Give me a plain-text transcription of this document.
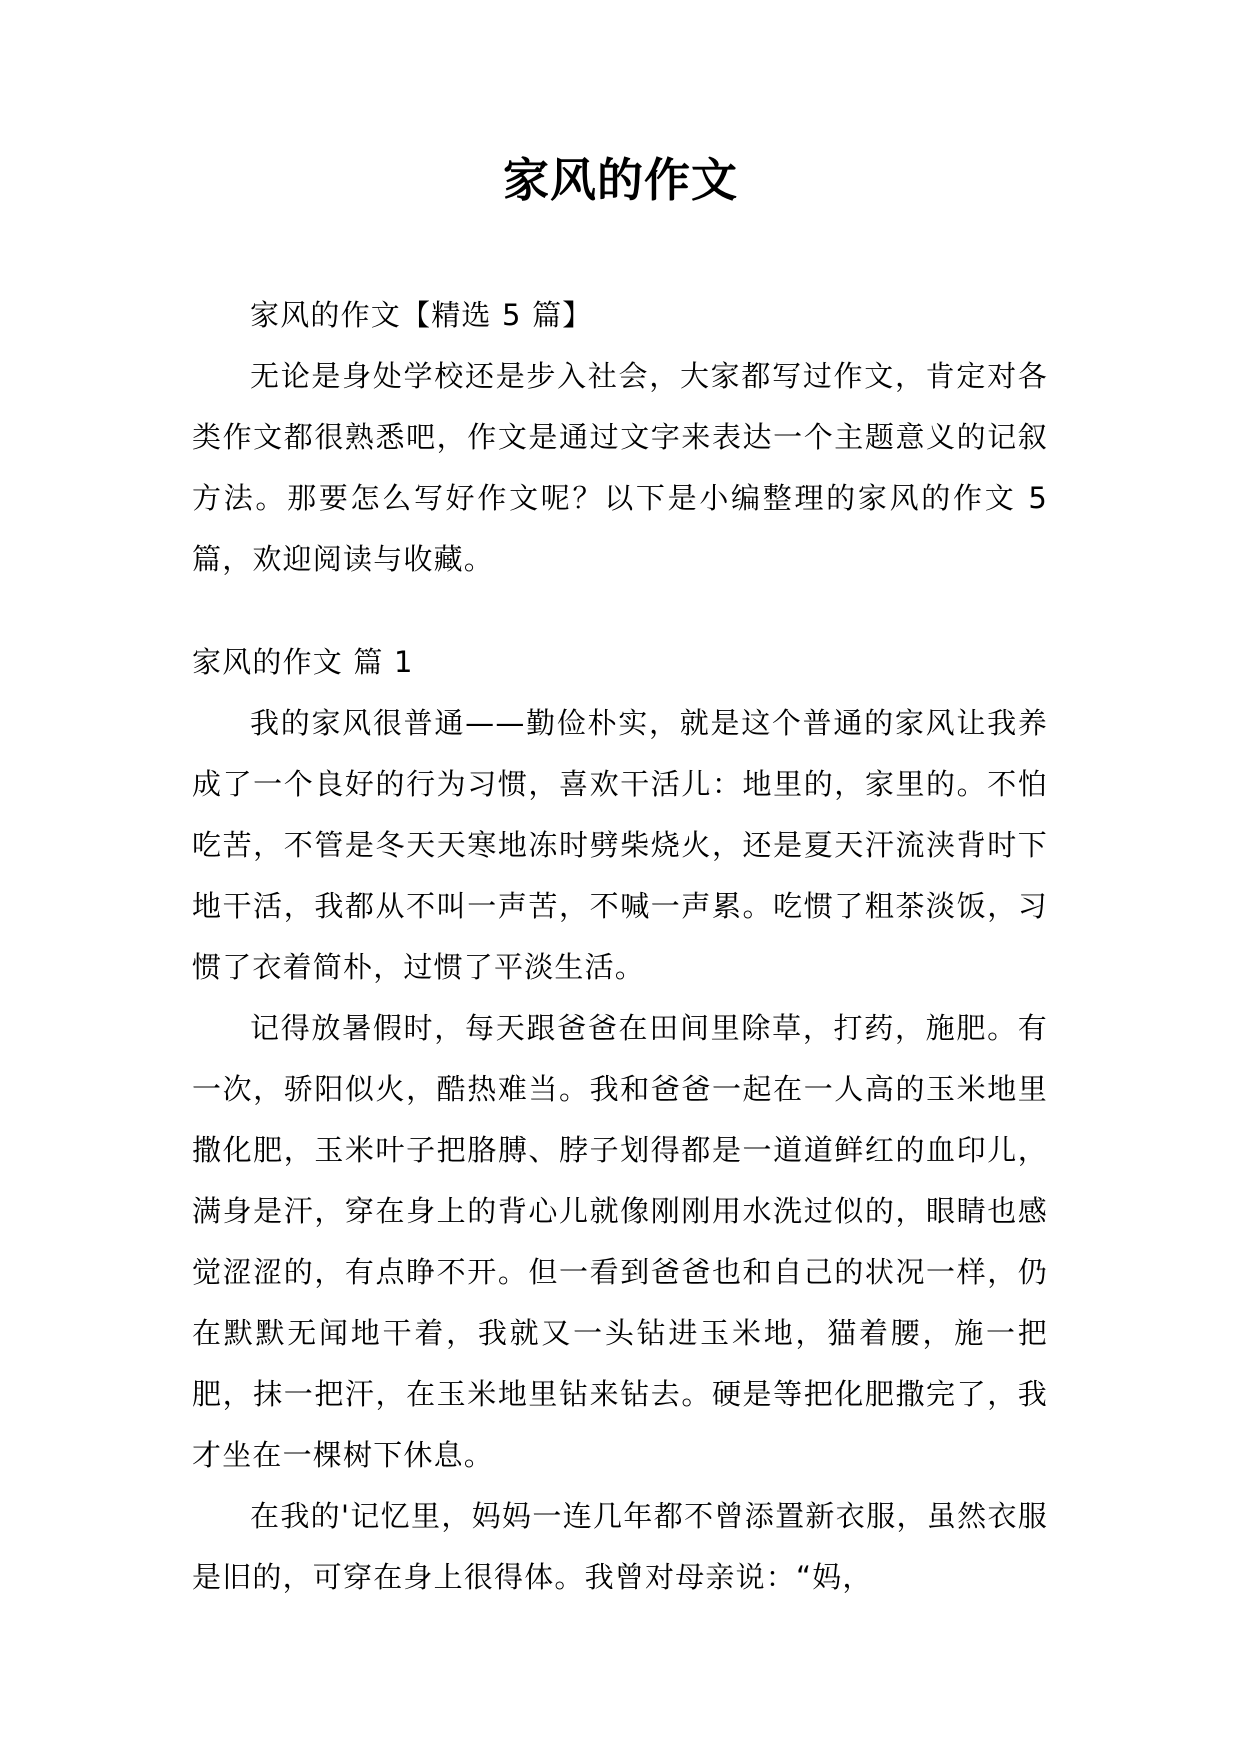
家风的作文

家风的作文【精选 5 篇】

无论是身处学校还是步入社会，大家都写过作文，肯定对各类作文都很熟悉吧，作文是通过文字来表达一个主题意义的记叙方法。那要怎么写好作文呢？以下是小编整理的家风的作文 5 篇，欢迎阅读与收藏。

家风的作文 篇 1

我的家风很普通——勤俭朴实，就是这个普通的家风让我养成了一个良好的行为习惯，喜欢干活儿：地里的，家里的。不怕吃苦，不管是冬天天寒地冻时劈柴烧火，还是夏天汗流浃背时下地干活，我都从不叫一声苦，不喊一声累。吃惯了粗茶淡饭，习惯了衣着简朴，过惯了平淡生活。

记得放暑假时，每天跟爸爸在田间里除草，打药，施肥。有一次，骄阳似火，酷热难当。我和爸爸一起在一人高的玉米地里撒化肥，玉米叶子把胳膊、脖子划得都是一道道鲜红的血印儿，满身是汗，穿在身上的背心儿就像刚刚用水洗过似的，眼睛也感觉涩涩的，有点睁不开。但一看到爸爸也和自己的状况一样，仍在默默无闻地干着，我就又一头钻进玉米地，猫着腰，施一把肥，抹一把汗，在玉米地里钻来钻去。硬是等把化肥撒完了，我才坐在一棵树下休息。

在我的'记忆里，妈妈一连几年都不曾添置新衣服，虽然衣服是旧的，可穿在身上很得体。我曾对母亲说：“妈，
